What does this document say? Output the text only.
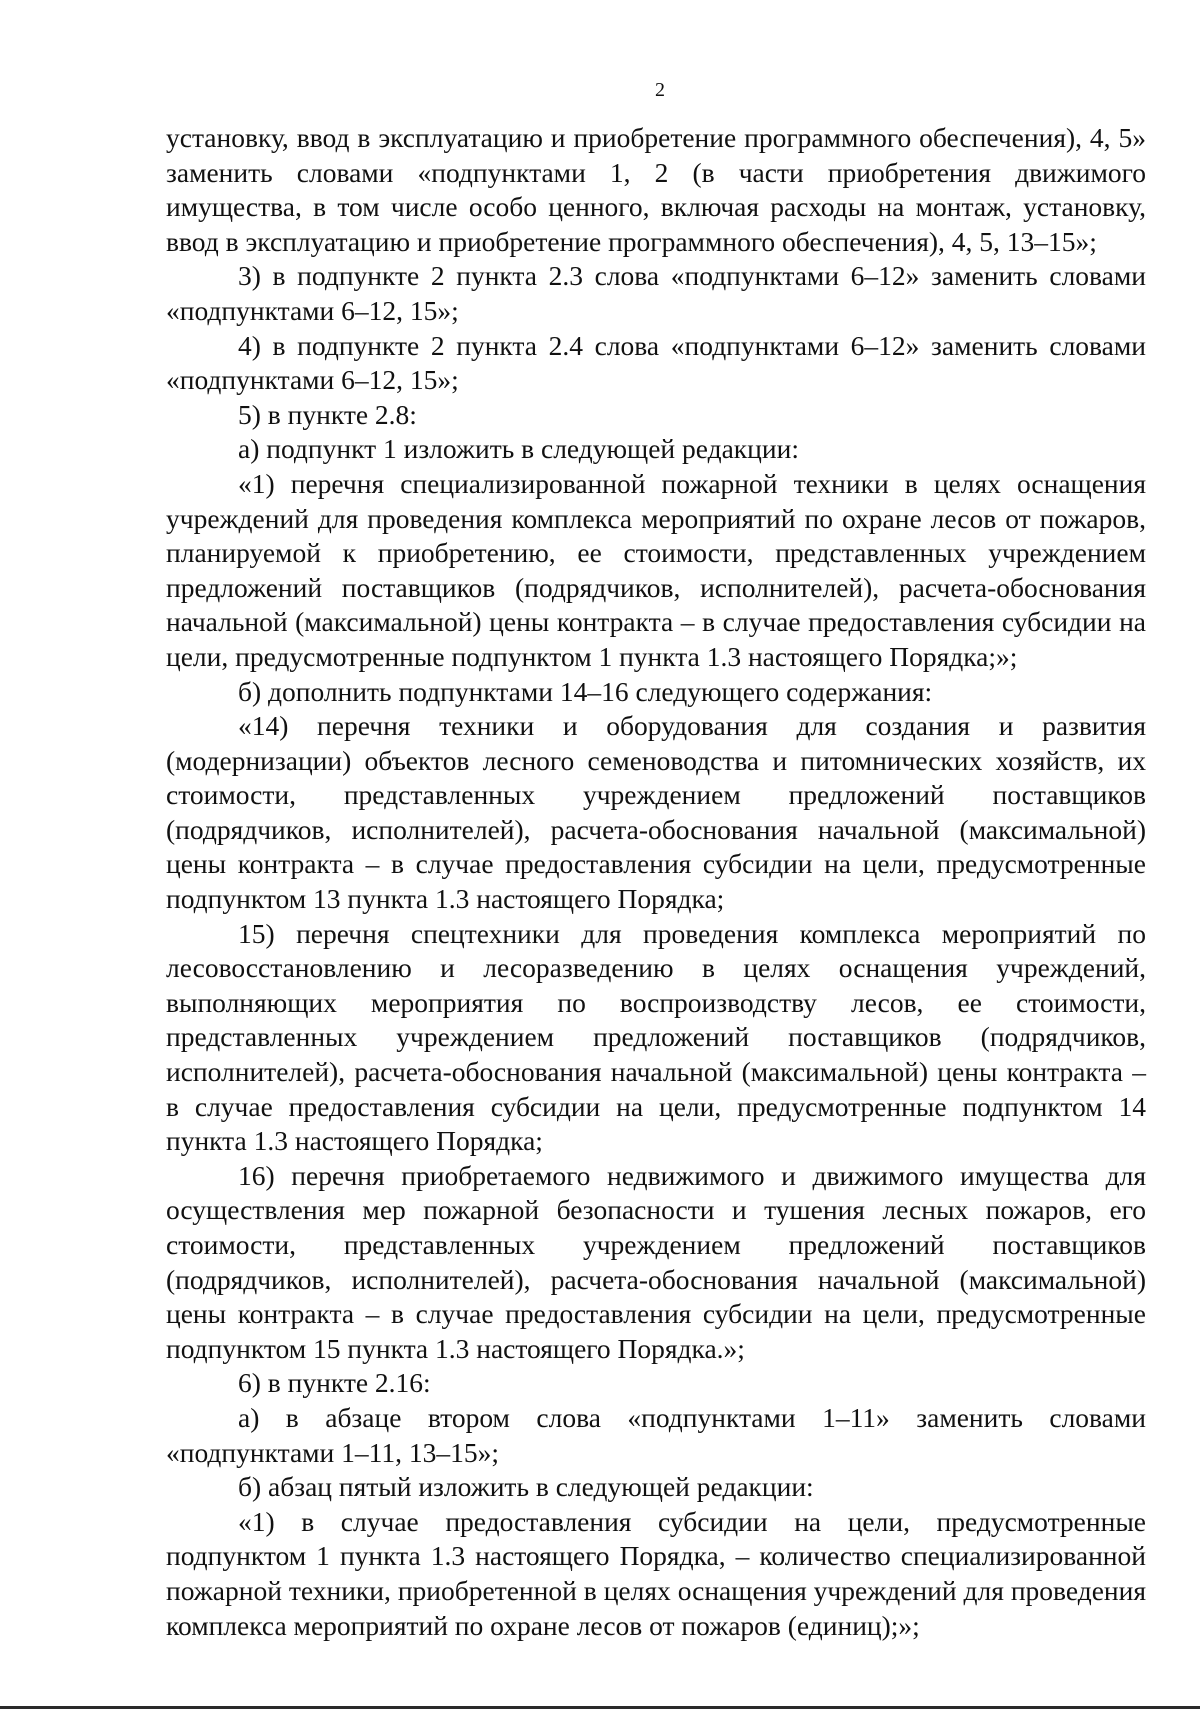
2

установку, ввод в эксплуатацию и приобретение программного обеспечения), 4, 5» заменить словами «подпунктами 1, 2 (в части приобретения движимого имущества, в том числе особо ценного, включая расходы на монтаж, установку, ввод в эксплуатацию и приобретение программного обеспечения), 4, 5, 13–15»;

3) в подпункте 2 пункта 2.3 слова «подпунктами 6–12» заменить словами «подпунктами 6–12, 15»;

4) в подпункте 2 пункта 2.4 слова «подпунктами 6–12» заменить словами «подпунктами 6–12, 15»;

5) в пункте 2.8:

а) подпункт 1 изложить в следующей редакции:

«1) перечня специализированной пожарной техники в целях оснащения учреждений для проведения комплекса мероприятий по охране лесов от пожаров, планируемой к приобретению, ее стоимости, представленных учреждением предложений поставщиков (подрядчиков, исполнителей), расчета-обоснования начальной (максимальной) цены контракта – в случае предоставления субсидии на цели, предусмотренные подпунктом 1 пункта 1.3 настоящего Порядка;»;

б) дополнить подпунктами 14–16 следующего содержания:

«14) перечня техники и оборудования для создания и развития (модернизации) объектов лесного семеноводства и питомнических хозяйств, их стоимости, представленных учреждением предложений поставщиков (подрядчиков, исполнителей), расчета-обоснования начальной (максимальной) цены контракта – в случае предоставления субсидии на цели, предусмотренные подпунктом 13 пункта 1.3 настоящего Порядка;

15) перечня спецтехники для проведения комплекса мероприятий по лесовосстановлению и лесоразведению в целях оснащения учреждений, выполняющих мероприятия по воспроизводству лесов, ее стоимости, представленных учреждением предложений поставщиков (подрядчиков, исполнителей), расчета-обоснования начальной (максимальной) цены контракта – в случае предоставления субсидии на цели, предусмотренные подпунктом 14 пункта 1.3 настоящего Порядка;

16) перечня приобретаемого недвижимого и движимого имущества для осуществления мер пожарной безопасности и тушения лесных пожаров, его стоимости, представленных учреждением предложений поставщиков (подрядчиков, исполнителей), расчета-обоснования начальной (максимальной) цены контракта – в случае предоставления субсидии на цели, предусмотренные подпунктом 15 пункта 1.3 настоящего Порядка.»;

6) в пункте 2.16:

а) в абзаце втором слова «подпунктами 1–11» заменить словами «подпунктами 1–11, 13–15»;

б) абзац пятый изложить в следующей редакции:

«1) в случае предоставления субсидии на цели, предусмотренные подпунктом 1 пункта 1.3 настоящего Порядка, – количество специализированной пожарной техники, приобретенной в целях оснащения учреждений для проведения комплекса мероприятий по охране лесов от пожаров (единиц);»;
